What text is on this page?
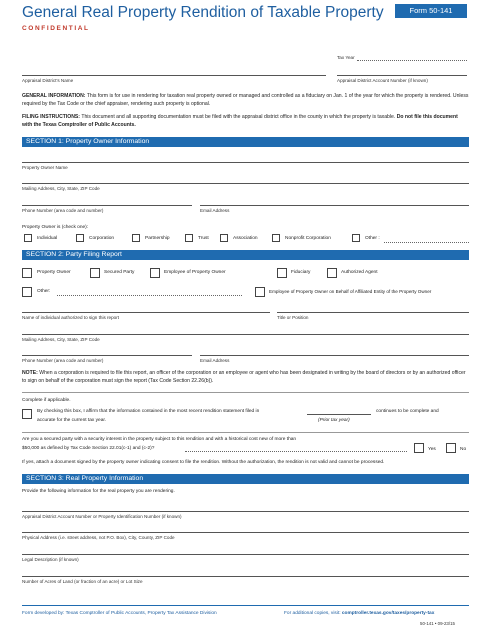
General Real Property Rendition of Taxable Property
CONFIDENTIAL
Form 50-141
Tax Year
Appraisal District's Name	Appraisal District Account Number (if known)
GENERAL INFORMATION: This form is for use in rendering for taxation real property owned or managed and controlled as a fiduciary on Jan. 1 of the year for which the property is rendered. Unless required by the Tax Code or the chief appraiser, rendering such property is optional.
FILING INSTRUCTIONS: This document and all supporting documentation must be filed with the appraisal district office in the county in which the property is taxable. Do not file this document with the Texas Comptroller of Public Accounts.
SECTION 1: Property Owner Information
Property Owner Name
Mailing Address, City, State, ZIP Code
Phone Number (area code and number)	Email Address
Property Owner is (check one):
Individual	Corporation	Partnership	Trust	Association	Nonprofit Corporation	Other :
SECTION 2: Party Filing Report
Property Owner	Secured Party	Employee of Property Owner	Fiduciary	Authorized Agent
Other:	Employee of Property Owner on Behalf of Affiliated Entity of the Property Owner
Name of individual authorized to sign this report	Title or Position
Mailing Address, City, State, ZIP Code
Phone Number (area code and number)	Email Address
NOTE: When a corporation is required to file this report, an officer of the corporation or an employee or agent who has been designated in writing by the board of directors or by an authorized officer to sign on behalf of the corporation must sign the report (Tax Code Section 22.26(b)).
Complete if applicable.
By checking this box, I affirm that the information contained in the most recent rendition statement filed in	continues to be complete and
accurate for the current tax year.	(Prior tax year)
Are you a secured party with a security interest in the property subject to this rendition and with a historical cost new of more than
$50,000 as defined by Tax Code Section 22.01(c-1) and (c-2)?	Yes	No
If yes, attach a document signed by the property owner indicating consent to file the rendition. Without the authorization, the rendition is not valid and cannot be processed.
SECTION 3: Real Property Information
Provide the following information for the real property you are rendering.
Appraisal District Account Number or Property Identification Number (if known)
Physical Address (i.e. street address, not P.O. Box), City, County, ZIP Code
Legal Description (if known)
Number of Acres of Land (or fraction of an acre) or Lot Size
Form developed by: Texas Comptroller of Public Accounts, Property Tax Assistance Division	For additional copies, visit: comptroller.texas.gov/taxes/property-tax
50-141 • 09-23/15
